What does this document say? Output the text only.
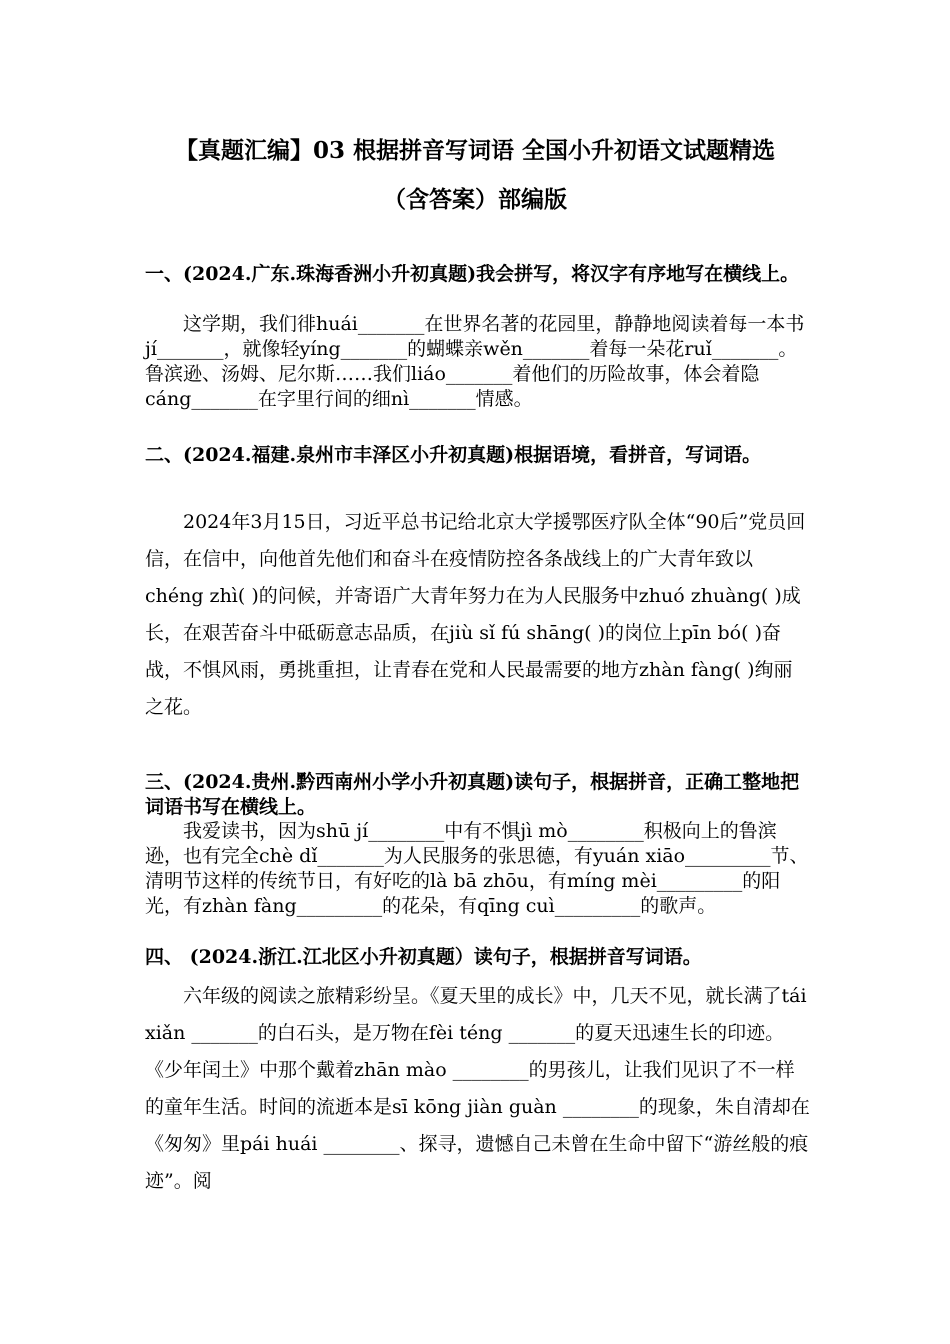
【真题汇编】03 根据拼音写词语 全国小升初语文试题精选
（含答案）部编版
一、(2024.广东.珠海香洲小升初真题)我会拼写，将汉字有序地写在横线上。
这学期，我们徘huái_______在世界名著的花园里，静静地阅读着每一本书jí_______，就像轻yíng_______的蝴蝶亲wěn_______着每一朵花ruǐ_______。鲁滨逊、汤姆、尼尔斯……我们liáo_______着他们的历险故事，体会着隐cáng_______在字里行间的细nì_______情感。
二、(2024.福建.泉州市丰泽区小升初真题)根据语境，看拼音，写词语。
2024年3月15日，习近平总书记给北京大学援鄂医疗队全体“90后”党员回信，在信中，向他首先他们和奋斗在疫情防控各条战线上的广大青年致以chéng zhì( )的问候，并寄语广大青年努力在为人民服务中zhuó zhuàng( )成长，在艰苦奋斗中砥砺意志品质，在jiù sǐ fú shāng( )的岗位上pīn bó( )奋战，不惧风雨，勇挑重担，让青春在党和人民最需要的地方zhàn fàng( )绚丽之花。
三、(2024.贵州.黔西南州小学小升初真题)读句子，根据拼音，正确工整地把词语书写在横线上。
我爱读书，因为shū jí________中有不惧jì mò________积极向上的鲁滨逊，也有完全chè dǐ_______为人民服务的张思德，有yuán xiāo_________节、清明节这样的传统节日，有好吃的là bā zhōu，有míng mèi_________的阳光，有zhàn fàng_________的花朵，有qīng cuì_________的歌声。
四、 (2024.浙江.江北区小升初真题）读句子，根据拼音写词语。
六年级的阅读之旅精彩纷呈。《夏天里的成长》中，几天不见，就长满了tái xiǎn _______的白石头，是万物在fèi téng _______的夏天迅速生长的印迹。《少年闰土》中那个戴着zhān mào ________的男孩儿，让我们见识了不一样的童年生活。时间的流逝本是sī kōng jiàn guàn ________的现象，朱自清却在《匆匆》里pái huái ________、探寻，遗憾自己未曾在生命中留下“游丝般的痕迹”。阅
